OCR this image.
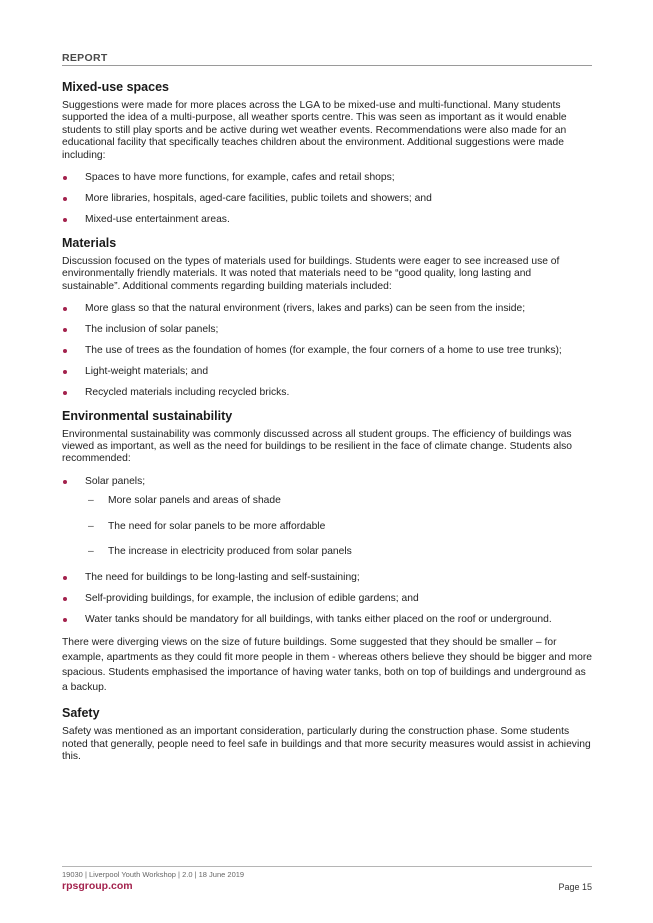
REPORT
Mixed-use spaces

Suggestions were made for more places across the LGA to be mixed-use and multi-functional. Many students supported the idea of a multi-purpose, all weather sports centre. This was seen as important as it would enable students to still play sports and be active during wet weather events. Recommendations were also made for an educational facility that specifically teaches children about the environment. Additional suggestions were made including:

Spaces to have more functions, for example, cafes and retail shops;
More libraries, hospitals, aged-care facilities, public toilets and showers; and
Mixed-use entertainment areas.
Materials

Discussion focused on the types of materials used for buildings. Students were eager to see increased use of environmentally friendly materials. It was noted that materials need to be “good quality, long lasting and sustainable”. Additional comments regarding building materials included:

More glass so that the natural environment (rivers, lakes and parks) can be seen from the inside;
The inclusion of solar panels;
The use of trees as the foundation of homes (for example, the four corners of a home to use tree trunks);
Light-weight materials; and
Recycled materials including recycled bricks.
Environmental sustainability

Environmental sustainability was commonly discussed across all student groups. The efficiency of buildings was viewed as important, as well as the need for buildings to be resilient in the face of climate change. Students also recommended:

Solar panels;
– More solar panels and areas of shade
– The need for solar panels to be more affordable
– The increase in electricity produced from solar panels
The need for buildings to be long-lasting and self-sustaining;
Self-providing buildings, for example, the inclusion of edible gardens; and
Water tanks should be mandatory for all buildings, with tanks either placed on the roof or underground.

There were diverging views on the size of future buildings. Some suggested that they should be smaller – for example, apartments as they could fit more people in them - whereas others believe they should be bigger and more spacious. Students emphasised the importance of having water tanks, both on top of buildings and underground as a backup.

Safety

Safety was mentioned as an important consideration, particularly during the construction phase. Some students noted that generally, people need to feel safe in buildings and that more security measures would assist in achieving this.

19030 | Liverpool Youth Workshop | 2.0 | 18 June 2019
rpsgroup.com	Page 15
